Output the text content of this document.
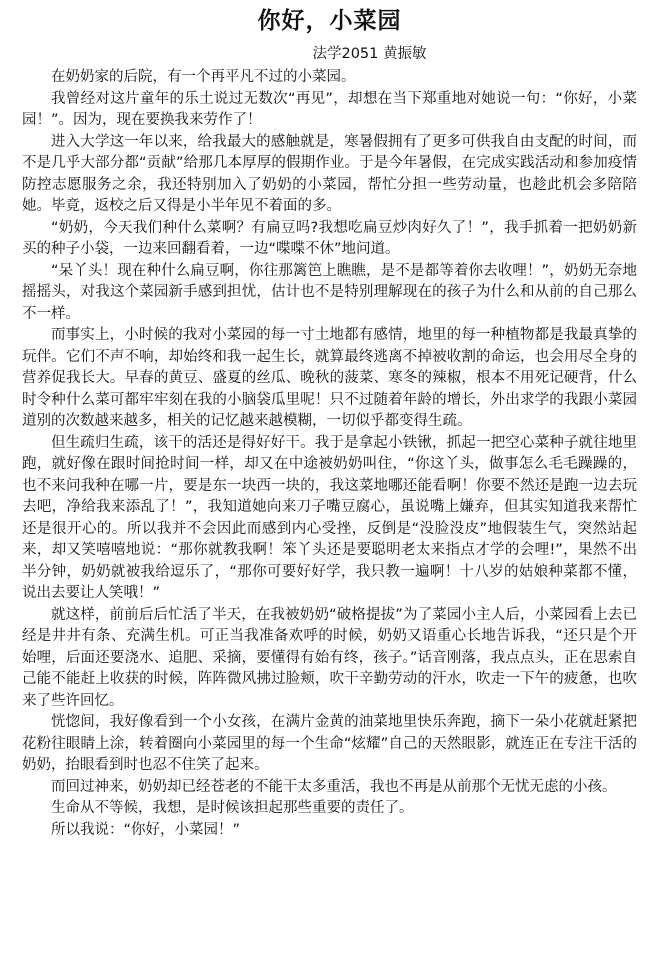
你好，小菜园
法学2051 黄振敏

在奶奶家的后院，有一个再平凡不过的小菜园。

我曾经对这片童年的乐土说过无数次“再见”，却想在当下郑重地对她说一句：“你好，小菜园！”。因为，现在要换我来劳作了！

进入大学这一年以来，给我最大的感触就是，寒暑假拥有了更多可供我自由支配的时间，而不是几乎大部分都“贡献”给那几本厚厚的假期作业。于是今年暑假，在完成实践活动和参加疫情防控志愿服务之余，我还特别加入了奶奶的小菜园，帮忙分担一些劳动量，也趁此机会多陪陪她。毕竟，返校之后又得是小半年见不着面的多。

“奶奶，今天我们种什么菜啊？有扁豆吗?我想吃扁豆炒肉好久了！”，我手抓着一把奶奶新买的种子小袋，一边来回翻看着，一边“喋喋不休”地问道。

“呆丫头！现在种什么扁豆啊，你往那篱笆上瞧瞧，是不是都等着你去收哩！”，奶奶无奈地摇摇头，对我这个菜园新手感到担忧，估计也不是特别理解现在的孩子为什么和从前的自己那么不一样。

而事实上，小时候的我对小菜园的每一寸土地都有感情，地里的每一种植物都是我最真挚的玩伴。它们不声不响，却始终和我一起生长，就算最终逃离不掉被收割的命运，也会用尽全身的营养促我长大。早春的黄豆、盛夏的丝瓜、晚秋的菠菜、寒冬的辣椒，根本不用死记硬背，什么时令种什么菜可都牢牢刻在我的小脑袋瓜里呢！只不过随着年龄的增长，外出求学的我跟小菜园道别的次数越来越多，相关的记忆越来越模糊，一切似乎都变得生疏。

但生疏归生疏，该干的活还是得好好干。我于是拿起小铁锹，抓起一把空心菜种子就往地里跑，就好像在跟时间抢时间一样，却又在中途被奶奶叫住，“你这丫头，做事怎么毛毛躁躁的，也不来问我种在哪一片，要是东一块西一块的，我这菜地哪还能看啊！你要不然还是跑一边去玩去吧，净给我来添乱了！”，我知道她向来刀子嘴豆腐心，虽说嘴上嫌弃，但其实知道我来帮忙还是很开心的。所以我并不会因此而感到内心受挫，反倒是“没脸没皮”地假装生气，突然站起来，却又笑嘻嘻地说：“那你就教我啊！笨丫头还是要聪明老太来指点才学的会哩!”，果然不出半分钟，奶奶就被我给逗乐了，“那你可要好好学，我只教一遍啊！十八岁的姑娘种菜都不懂，说出去要让人笑哦！”

就这样，前前后后忙活了半天，在我被奶奶“破格提拔”为了菜园小主人后，小菜园看上去已经是井井有条、充满生机。可正当我准备欢呼的时候，奶奶又语重心长地告诉我，“还只是个开始哩，后面还要浇水、追肥、采摘，要懂得有始有终，孩子。”话音刚落，我点点头，正在思索自己能不能赶上收获的时候，阵阵微风拂过脸颊，吹干辛勤劳动的汗水，吹走一下午的疲惫，也吹来了些许回忆。

恍惚间，我好像看到一个小女孩，在满片金黄的油菜地里快乐奔跑，摘下一朵小花就赶紧把花粉往眼睛上涂，转着圈向小菜园里的每一个生命“炫耀”自己的天然眼影，就连正在专注干活的奶奶，抬眼看到时也忍不住笑了起来。

而回过神来，奶奶却已经苍老的不能干太多重活，我也不再是从前那个无忧无虑的小孩。

生命从不等候，我想，是时候该担起那些重要的责任了。

所以我说：“你好，小菜园！”
